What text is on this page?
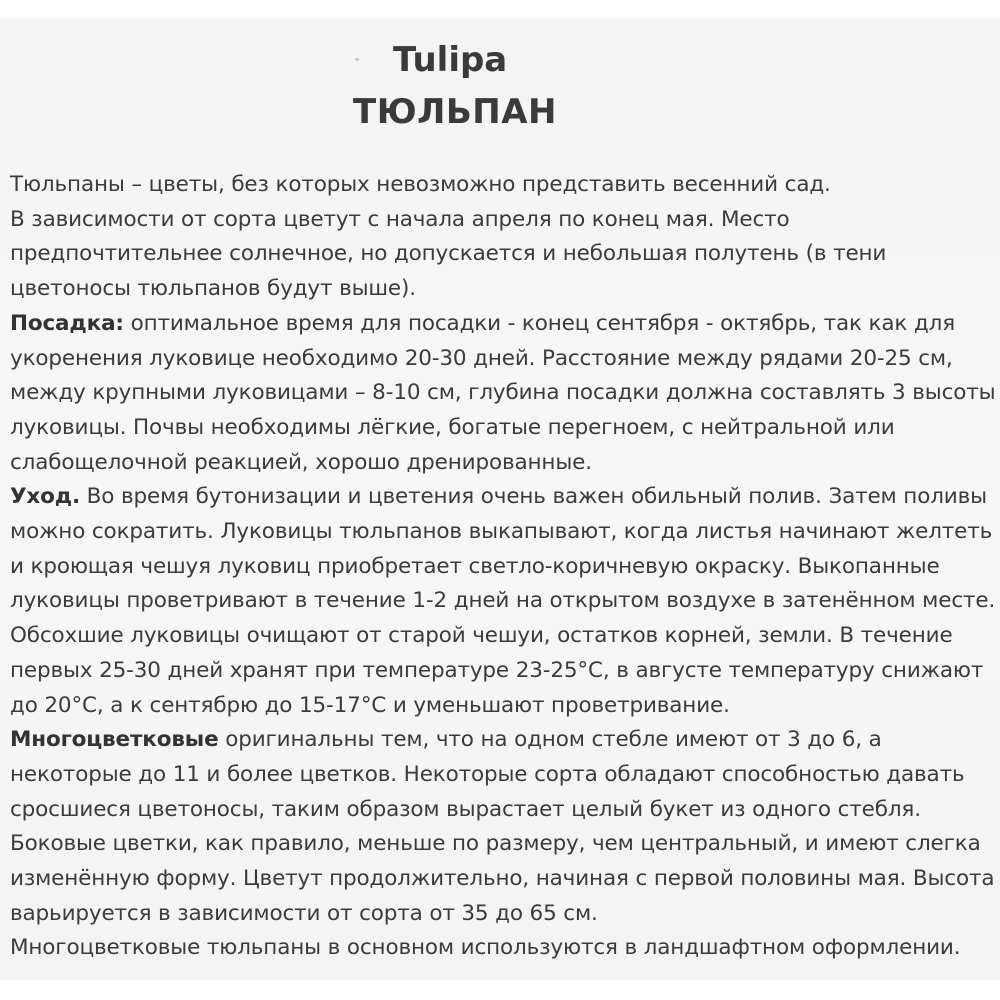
Tulipa
ТЮЛЬПАН

Тюльпаны – цветы, без которых невозможно представить весенний сад.

В зависимости от сорта цветут с начала апреля по конец мая. Место предпочтительнее солнечное, но допускается и небольшая полутень (в тени цветоносы тюльпанов будут выше).

Посадка: оптимальное время для посадки - конец сентября - октябрь, так как для укоренения луковице необходимо 20-30 дней. Расстояние между рядами 20-25 см, между крупными луковицами – 8-10 см, глубина посадки должна составлять 3 высоты луковицы. Почвы необходимы лёгкие, богатые перегноем, с нейтральной или слабощелочной реакцией, хорошо дренированные.

Уход. Во время бутонизации и цветения очень важен обильный полив. Затем поливы можно сократить. Луковицы тюльпанов выкапывают, когда листья начинают желтеть и кроющая чешуя луковиц приобретает светло-коричневую окраску. Выкопанные луковицы проветривают в течение 1-2 дней на открытом воздухе в затенённом месте. Обсохшие луковицы очищают от старой чешуи, остатков корней, земли. В течение первых 25-30 дней хранят при температуре 23-25°С, в августе температуру снижают до 20°С, а к сентябрю до 15-17°С и уменьшают проветривание.

Многоцветковые оригинальны тем, что на одном стебле имеют от 3 до 6, а некоторые до 11 и более цветков. Некоторые сорта обладают способностью давать сросшиеся цветоносы, таким образом вырастает целый букет из одного стебля. Боковые цветки, как правило, меньше по размеру, чем центральный, и имеют слегка изменённую форму. Цветут продолжительно, начиная с первой половины мая. Высота варьируется в зависимости от сорта от 35 до 65 см.

Многоцветковые тюльпаны в основном используются в ландшафтном оформлении.
